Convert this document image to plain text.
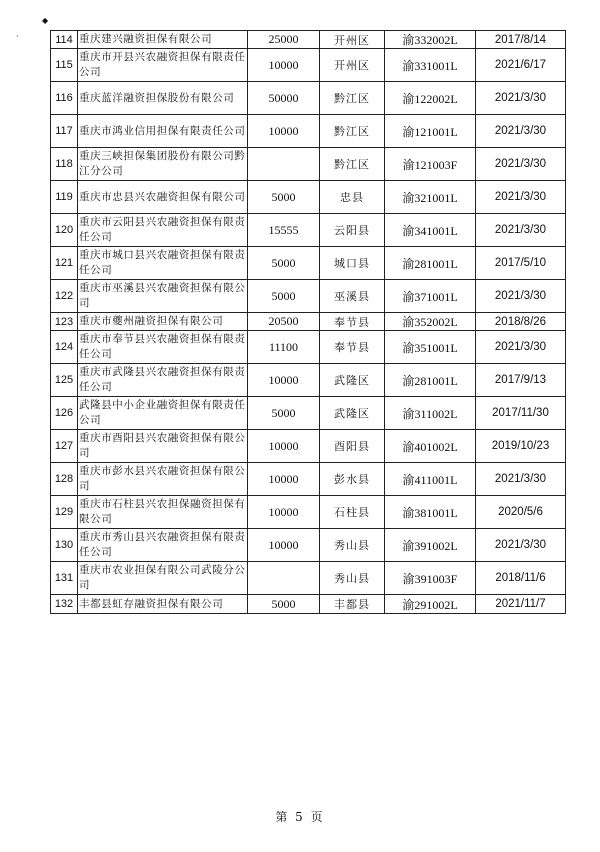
◆
·	114	重庆建兴融资担保有限公司	25000	开州区	渝332002L	2017/8/14
115	重庆市开县兴农融资担保有限责任公司	10000	开州区	渝331001L	2021/6/17
116	重庆蓝洋融资担保股份有限公司	50000	黔江区	渝122002L	2021/3/30
117	重庆市鸿业信用担保有限责任公司	10000	黔江区	渝121001L	2021/3/30
118	重庆三峡担保集团股份有限公司黔江分公司		黔江区	渝121003F	2021/3/30
119	重庆市忠县兴农融资担保有限公司	5000	忠县	渝321001L	2021/3/30
120	重庆市云阳县兴农融资担保有限责任公司	15555	云阳县	渝341001L	2021/3/30
121	重庆市城口县兴农融资担保有限责任公司	5000	城口县	渝281001L	2017/5/10
122	重庆市巫溪县兴农融资担保有限公司	5000	巫溪县	渝371001L	2021/3/30
123	重庆市夔州融资担保有限公司	20500	奉节县	渝352002L	2018/8/26
124	重庆市奉节县兴农融资担保有限责任公司	11100	奉节县	渝351001L	2021/3/30
125	重庆市武隆县兴农融资担保有限责任公司	10000	武隆区	渝281001L	2017/9/13
126	武隆县中小企业融资担保有限责任公司	5000	武隆区	渝311002L	2017/11/30
127	重庆市酉阳县兴农融资担保有限公司	10000	酉阳县	渝401002L	2019/10/23
128	重庆市彭水县兴农融资担保有限公司	10000	彭水县	渝411001L	2021/3/30
129	重庆市石柱县兴农担保融资担保有限公司	10000	石柱县	渝381001L	2020/5/6
130	重庆市秀山县兴农融资担保有限责任公司	10000	秀山县	渝391002L	2021/3/30
131	重庆市农业担保有限公司武陵分公司		秀山县	渝391003F	2018/11/6
132	丰都县虹存融资担保有限公司	5000	丰都县	渝291002L	2021/11/7
第 5 页
